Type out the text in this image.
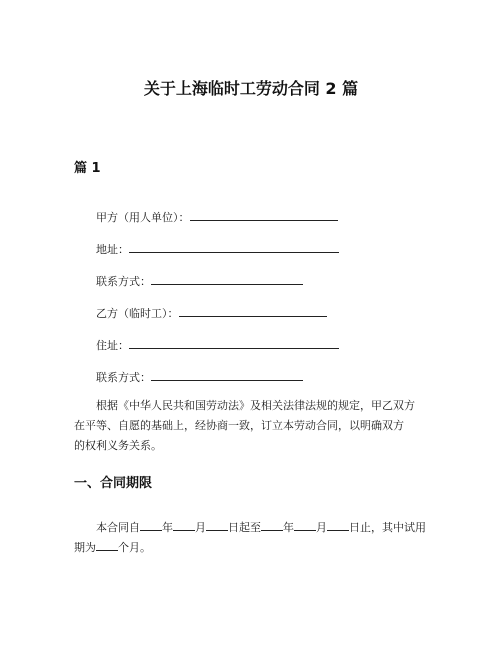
关于上海临时工劳动合同 2 篇
篇 1
甲方（用人单位）：
地址：
联系方式：
乙方（临时工）：
住址：
联系方式：
根据《中华人民共和国劳动法》及相关法律法规的规定，甲乙双方
在平等、自愿的基础上，经协商一致，订立本劳动合同，以明确双方
的权利义务关系。
一、合同期限
本合同自 年 月 日起至 年 月 日止，其中试用
期为 个月。
